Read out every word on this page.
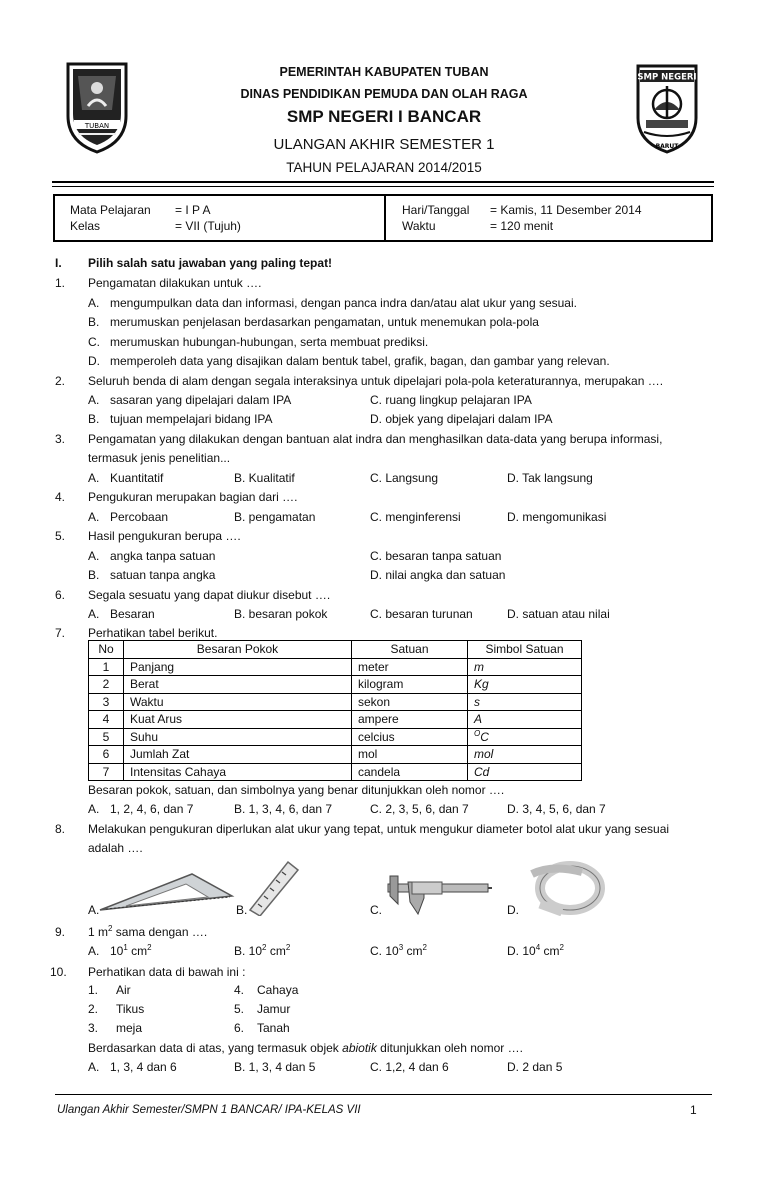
TUBAN
SMP NEGERI
BARUT
PEMERINTAH KABUPATEN TUBAN
DINAS PENDIDIKAN PEMUDA DAN OLAH RAGA
SMP NEGERI I BANCAR
ULANGAN AKHIR SEMESTER 1
TAHUN PELAJARAN 2014/2015
Mata Pelajaran = I P A
Kelas	= VII (Tujuh)
Hari/Tanggal = Kamis, 11 Desember 2014
Waktu	= 120 menit
I. Pilih salah satu jawaban yang paling tepat!
1. Pengamatan dilakukan untuk ….
A. mengumpulkan data dan informasi, dengan panca indra dan/atau alat ukur yang sesuai.
B. merumuskan penjelasan berdasarkan pengamatan, untuk menemukan pola-pola
C. merumuskan hubungan-hubungan, serta membuat prediksi.
D. memperoleh data yang disajikan dalam bentuk tabel, grafik, bagan, dan gambar yang relevan.
2. Seluruh benda di alam dengan segala interaksinya untuk dipelajari pola-pola keteraturannya, merupakan ….
A. sasaran yang dipelajari dalam IPA	C. ruang lingkup pelajaran IPA
B. tujuan mempelajari bidang IPA	D. objek yang dipelajari dalam IPA
3. Pengamatan yang dilakukan dengan bantuan alat indra dan menghasilkan data-data yang berupa informasi,
termasuk jenis penelitian...
A. Kuantitatif	B. Kualitatif	C. Langsung	D. Tak langsung
4. Pengukuran merupakan bagian dari ….
A. Percobaan	B. pengamatan	C. menginferensi	D. mengomunikasi
5. Hasil pengukuran berupa ….
A. angka tanpa satuan	C. besaran tanpa satuan
B. satuan tanpa angka	D. nilai angka dan satuan
6. Segala sesuatu yang dapat diukur disebut ….
A. Besaran	B. besaran pokok	C. besaran turunan	D. satuan atau nilai
7. Perhatikan tabel berikut.
No	Besaran Pokok	Satuan	Simbol Satuan
1	Panjang	meter	m
2	Berat	kilogram	Kg
3	Waktu	sekon	s
4	Kuat Arus	ampere	A
5	Suhu	celcius	$^O$C
6	Jumlah Zat	mol	mol
7	Intensitas Cahaya	candela	Cd
Besaran pokok, satuan, dan simbolnya yang benar ditunjukkan oleh nomor ….
A. 1, 2, 4, 6, dan 7	B. 1, 3, 4, 6, dan 7	C. 2, 3, 5, 6, dan 7	D. 3, 4, 5, 6, dan 7
8. Melakukan pengukuran diperlukan alat ukur yang tepat, untuk mengukur diameter botol alat ukur yang sesuai
adalah ….
A.	B.	C.	D.
9. 1 $m^2$ sama dengan ….
A. $10^1$ $cm^2$	B. $10^2$ $cm^2$	C. $10^3$ $cm^2$	D. $10^4$ $cm^2$
10. Perhatikan data di bawah ini :
1. Air	4. Cahaya
2. Tikus	5. Jamur
3. meja	6. Tanah
Berdasarkan data di atas, yang termasuk objek abiotik ditunjukkan oleh nomor ….
A. 1, 3, 4 dan 6	B. 1, 3, 4 dan 5	C. 1,2, 4 dan 6	D. 2 dan 5
Ulangan Akhir Semester/SMPN 1 BANCAR/ IPA-KELAS VII	1
